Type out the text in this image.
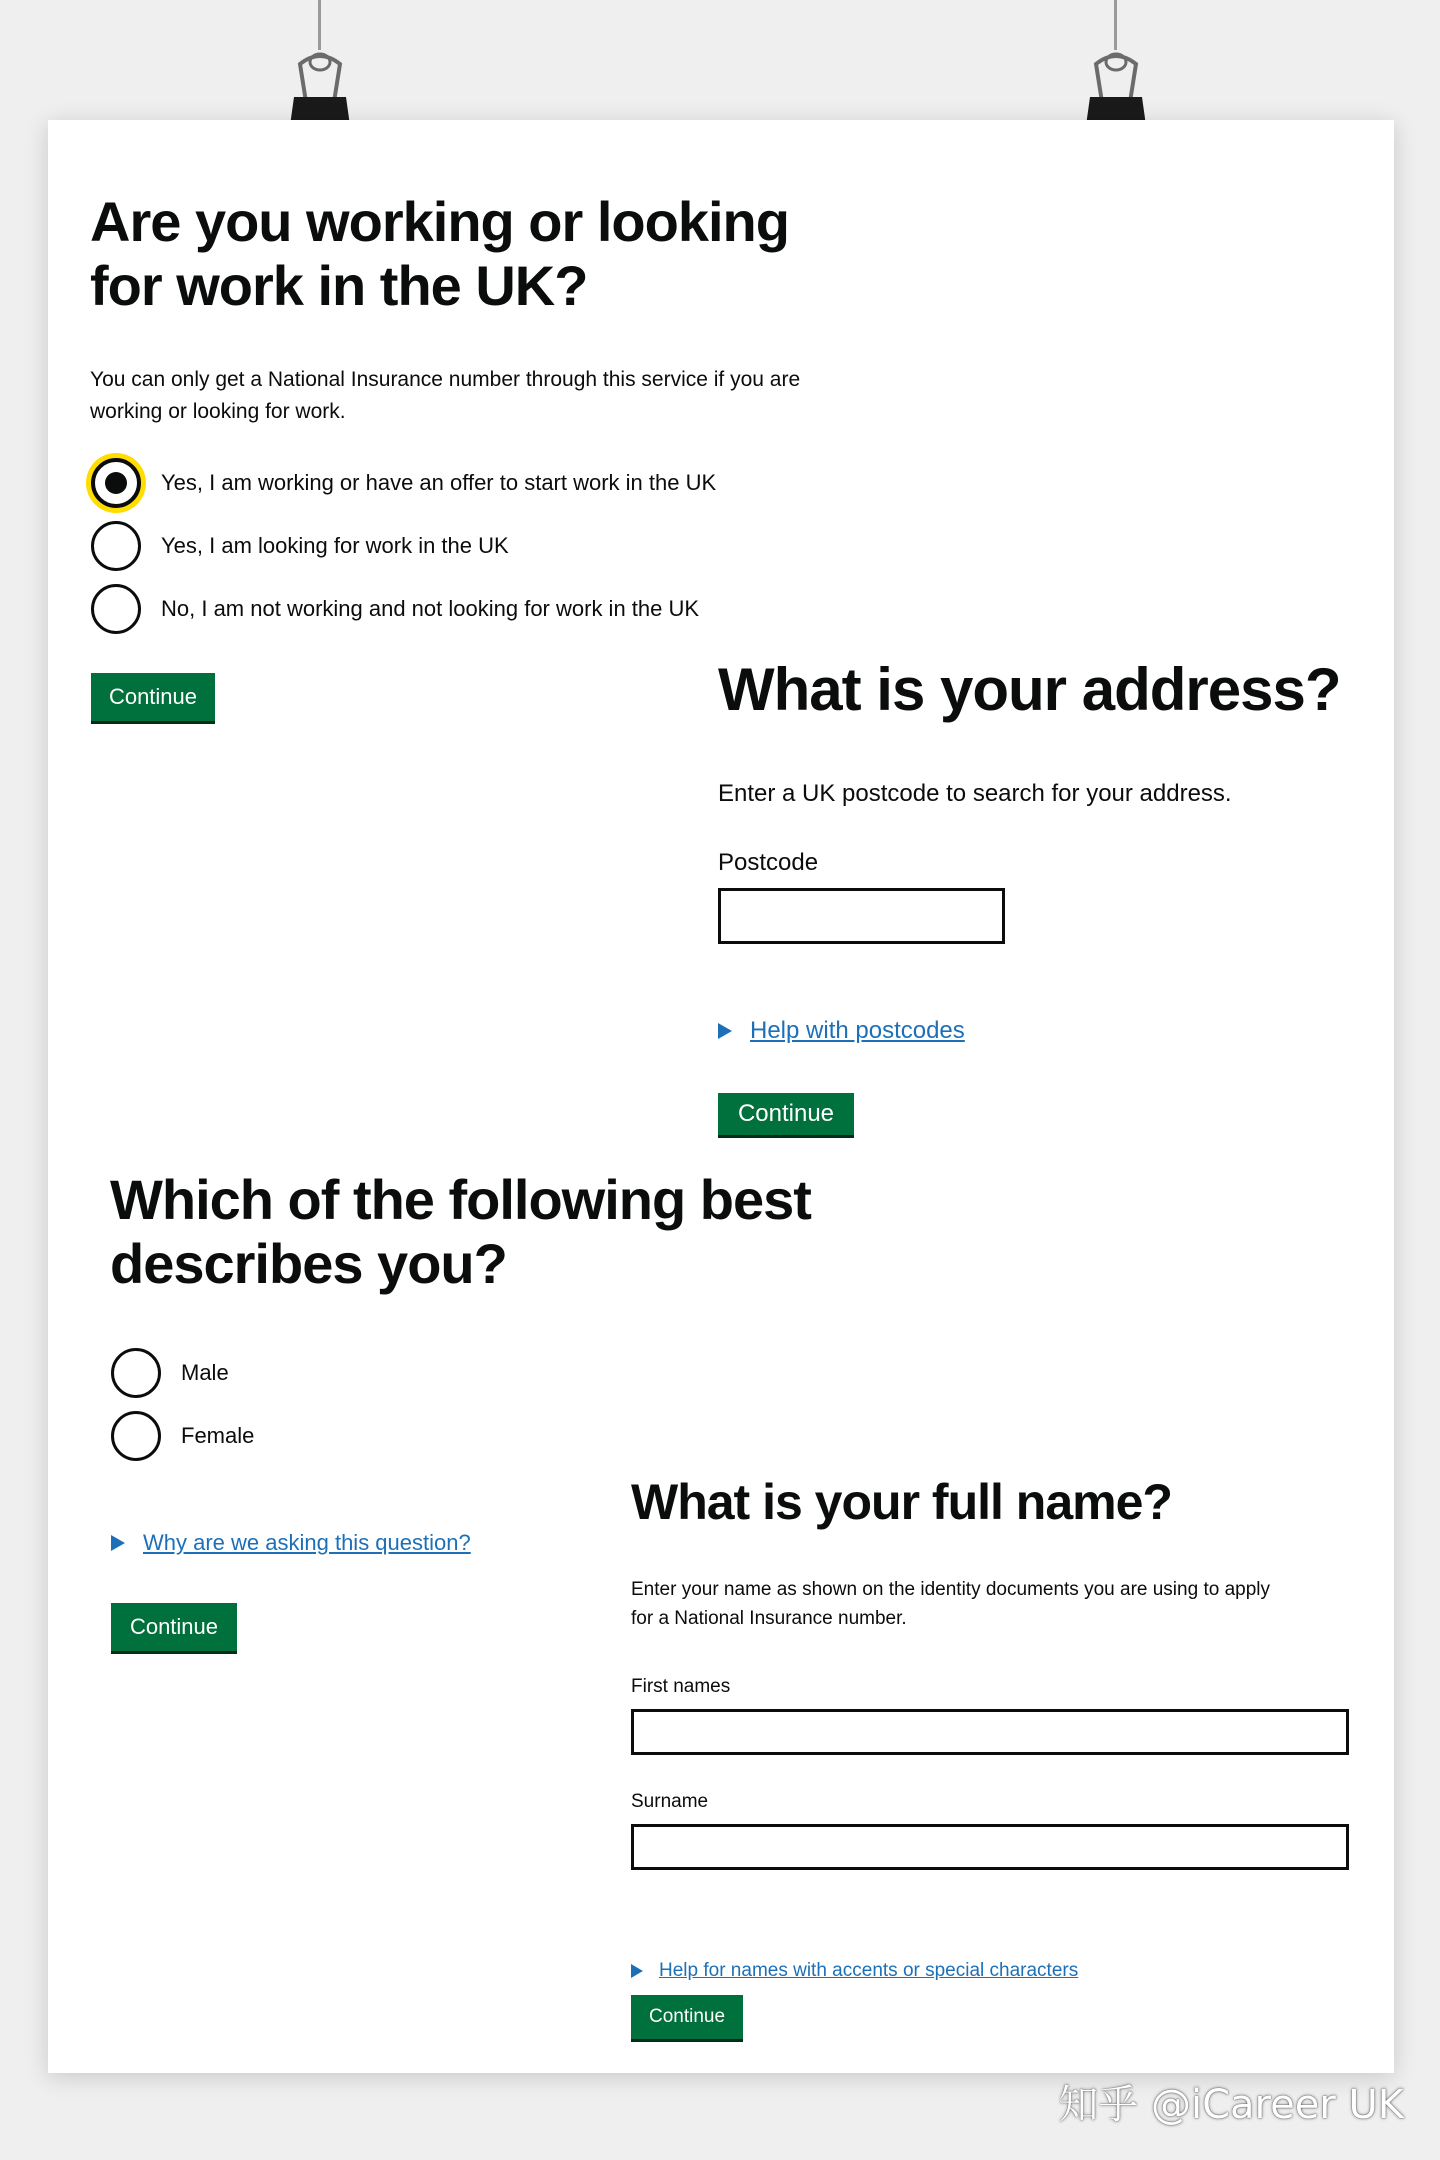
Are you working or looking
for work in the UK?

You can only get a National Insurance number through this service if you are
working or looking for work.

Yes, I am working or have an offer to start work in the UK
Yes, I am looking for work in the UK
No, I am not working and not looking for work in the UK
Continue	What is your address?

Enter a UK postcode to search for your address.

Postcode

Help with postcodes
Continue
Which of the following best
describes you?
Male
Female
Why are we asking this question?
Continue
What is your full name?

Enter your name as shown on the identity documents you are using to apply
for a National Insurance number.

First names

Surname

Help for names with accents or special characters
Continue
知乎 @iCareer UK
